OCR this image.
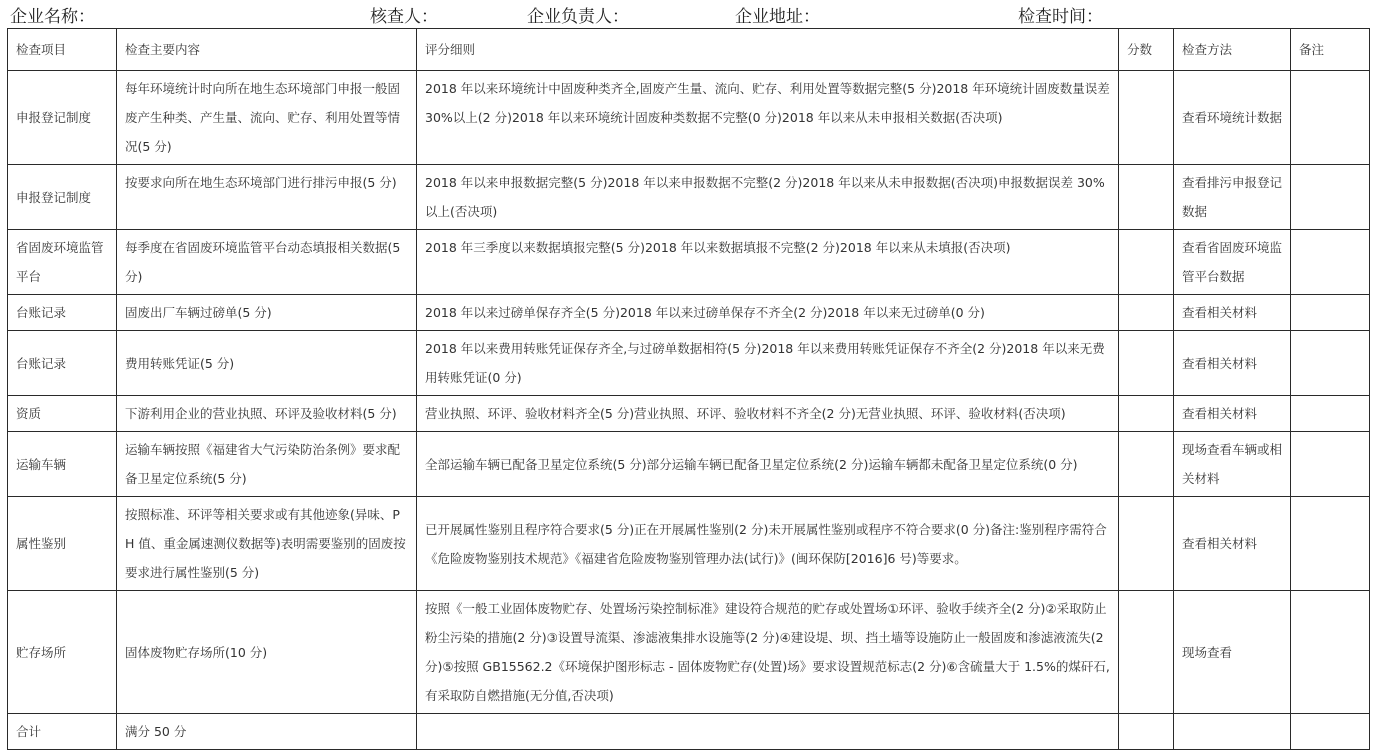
企业名称：	核查人：	企业负责人：	企业地址：	检查时间：
检查项目	检查主要内容	评分细则	分数	检查方法	备注
申报登记制度	每年环境统计时向所在地生态环境部门申报一般固废产生种类、产生量、流向、贮存、利用处置等情况(5 分)	2018 年以来环境统计中固废种类齐全,固废产生量、流向、贮存、利用处置等数据完整(5 分)2018 年环境统计固废数量误差 30%以上(2 分)2018 年以来环境统计固废种类数据不完整(0 分)2018 年以来从未申报相关数据(否决项)		查看环境统计数据	
申报登记制度	按要求向所在地生态环境部门进行排污申报(5 分)	2018 年以来申报数据完整(5 分)2018 年以来申报数据不完整(2 分)2018 年以来从未申报数据(否决项)申报数据误差 30%以上(否决项)		查看排污申报登记数据	
省固废环境监管平台	每季度在省固废环境监管平台动态填报相关数据(5 分)	2018 年三季度以来数据填报完整(5 分)2018 年以来数据填报不完整(2 分)2018 年以来从未填报(否决项)		查看省固废环境监管平台数据	
台账记录	固废出厂车辆过磅单(5 分)	2018 年以来过磅单保存齐全(5 分)2018 年以来过磅单保存不齐全(2 分)2018 年以来无过磅单(0 分)		查看相关材料	
台账记录	费用转账凭证(5 分)	2018 年以来费用转账凭证保存齐全,与过磅单数据相符(5 分)2018 年以来费用转账凭证保存不齐全(2 分)2018 年以来无费用转账凭证(0 分)		查看相关材料	
资质	下游利用企业的营业执照、环评及验收材料(5 分)	营业执照、环评、验收材料齐全(5 分)营业执照、环评、验收材料不齐全(2 分)无营业执照、环评、验收材料(否决项)		查看相关材料	
运输车辆	运输车辆按照《福建省大气污染防治条例》要求配备卫星定位系统(5 分)	全部运输车辆已配备卫星定位系统(5 分)部分运输车辆已配备卫星定位系统(2 分)运输车辆都未配备卫星定位系统(0 分)		现场查看车辆或相关材料	
属性鉴别	按照标准、环评等相关要求或有其他迹象(异味、PH 值、重金属速测仪数据等)表明需要鉴别的固废按要求进行属性鉴别(5 分)	已开展属性鉴别且程序符合要求(5 分)正在开展属性鉴别(2 分)未开展属性鉴别或程序不符合要求(0 分)备注:鉴别程序需符合《危险废物鉴别技术规范》《福建省危险废物鉴别管理办法(试行)》(闽环保防[2016]6 号)等要求。		查看相关材料	
贮存场所	固体废物贮存场所(10 分)	按照《一般工业固体废物贮存、处置场污染控制标准》建设符合规范的贮存或处置场①环评、验收手续齐全(2 分)②采取防止粉尘污染的措施(2 分)③设置导流渠、渗滤液集排水设施等(2 分)④建设堤、坝、挡土墙等设施防止一般固废和渗滤液流失(2 分)⑤按照 GB15562.2《环境保护图形标志 - 固体废物贮存(处置)场》要求设置规范标志(2 分)⑥含硫量大于 1.5%的煤矸石,有采取防自燃措施(无分值,否决项)		现场查看	
合计	满分 50 分				
